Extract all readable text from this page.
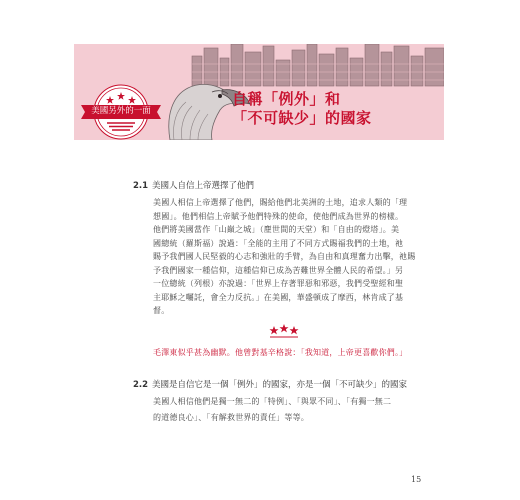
自稱「例外」和
「不可缺少」的國家
美國另外的一面
2.1 美國人自信上帝選擇了他們
美國人相信上帝選擇了他們，賜給他們北美洲的土地，追求人類的「理
想國」。他們相信上帝賦予他們特殊的使命，使他們成為世界的榜樣。
他們將美國當作「山巔之城」（塵世間的天堂）和「自由的燈塔」。美
國總統（羅斯福）說過：「全能的主用了不同方式賜福我們的土地，祂
賜予我們國人民堅毅的心志和強壯的手臂，為自由和真理奮力出擊，祂賜
予我們國家一種信仰，這種信仰已成為苦難世界全體人民的希望。」另
一位總統（列根）亦說過：「世界上存著罪惡和邪惡，我們受聖經和聖
主耶穌之囑託，會全力反抗。」在美國，華盛頓成了摩西，林肯成了基
督。
毛澤東似乎甚為幽默。他曾對基辛格說：「我知道，上帝更喜歡你們。」
2.2 美國是自信它是一個「例外」的國家，亦是一個「不可缺少」的國家
美國人相信他們是獨一無二的「特例」、「與眾不同」、「有獨一無二
的道德良心」、「有解救世界的責任」等等。
15
